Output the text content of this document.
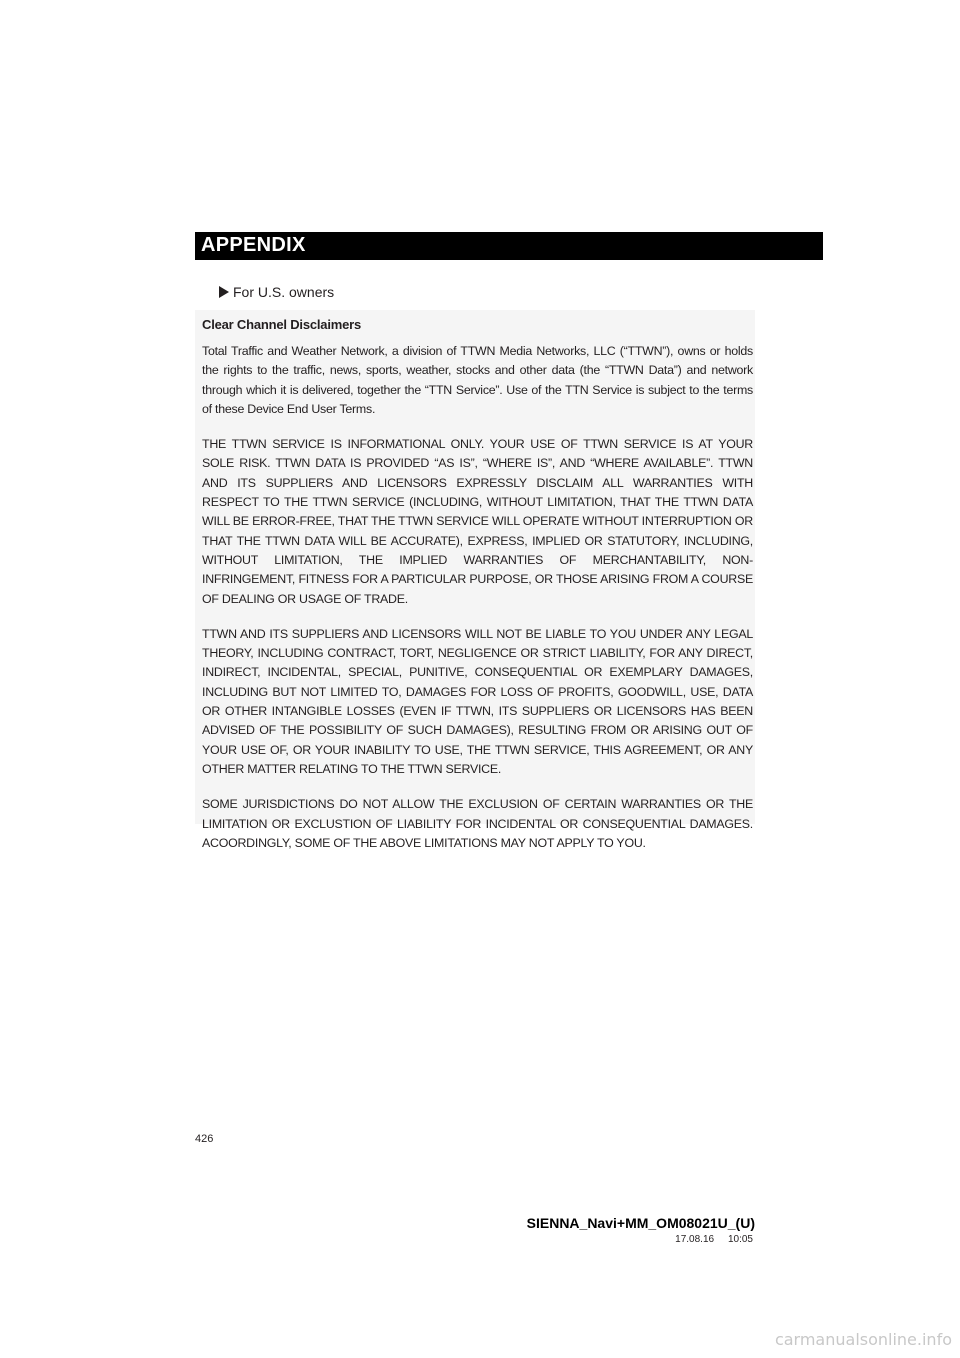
APPENDIX
For U.S. owners
Clear Channel Disclaimers

Total Traffic and Weather Network, a division of TTWN Media Networks, LLC (“TTWN”), owns or holds the rights to the traffic, news, sports, weather, stocks and other data (the “TTWN Data”) and network through which it is delivered, together the “TTN Service”. Use of the TTN Service is subject to the terms of these Device End User Terms.

THE TTWN SERVICE IS INFORMATIONAL ONLY. YOUR USE OF TTWN SERVICE IS AT YOUR SOLE RISK. TTWN DATA IS PROVIDED “AS IS”, “WHERE IS”, AND “WHERE AVAILABLE”. TTWN AND ITS SUPPLIERS AND LICENSORS EXPRESSLY DISCLAIM ALL WARRANTIES WITH RESPECT TO THE TTWN SERVICE (INCLUDING, WITHOUT LIMITATION, THAT THE TTWN DATA WILL BE ERROR-FREE, THAT THE TTWN SERVICE WILL OPERATE WITHOUT INTERRUPTION OR THAT THE TTWN DATA WILL BE ACCURATE), EXPRESS, IMPLIED OR STATUTORY, INCLUDING, WITHOUT LIMITATION, THE IMPLIED WARRANTIES OF MERCHANTABILITY, NON-INFRINGEMENT, FITNESS FOR A PARTICULAR PURPOSE, OR THOSE ARISING FROM A COURSE OF DEALING OR USAGE OF TRADE.

TTWN AND ITS SUPPLIERS AND LICENSORS WILL NOT BE LIABLE TO YOU UNDER ANY LEGAL THEORY, INCLUDING CONTRACT, TORT, NEGLIGENCE OR STRICT LIABILITY, FOR ANY DIRECT, INDIRECT, INCIDENTAL, SPECIAL, PUNITIVE, CONSEQUENTIAL OR EXEMPLARY DAMAGES, INCLUDING BUT NOT LIMITED TO, DAMAGES FOR LOSS OF PROFITS, GOODWILL, USE, DATA OR OTHER INTANGIBLE LOSSES (EVEN IF TTWN, ITS SUPPLIERS OR LICENSORS HAS BEEN ADVISED OF THE POSSIBILITY OF SUCH DAMAGES), RESULTING FROM OR ARISING OUT OF YOUR USE OF, OR YOUR INABILITY TO USE, THE TTWN SERVICE, THIS AGREEMENT, OR ANY OTHER MATTER RELATING TO THE TTWN SERVICE.

SOME JURISDICTIONS DO NOT ALLOW THE EXCLUSION OF CERTAIN WARRANTIES OR THE LIMITATION OR EXCLUSTION OF LIABILITY FOR INCIDENTAL OR CONSEQUENTIAL DAMAGES. ACOORDINGLY, SOME OF THE ABOVE LIMITATIONS MAY NOT APPLY TO YOU.

426
SIENNA_Navi+MM_OM08021U_(U)
17.08.16     10:05
carmanualsonline.info
